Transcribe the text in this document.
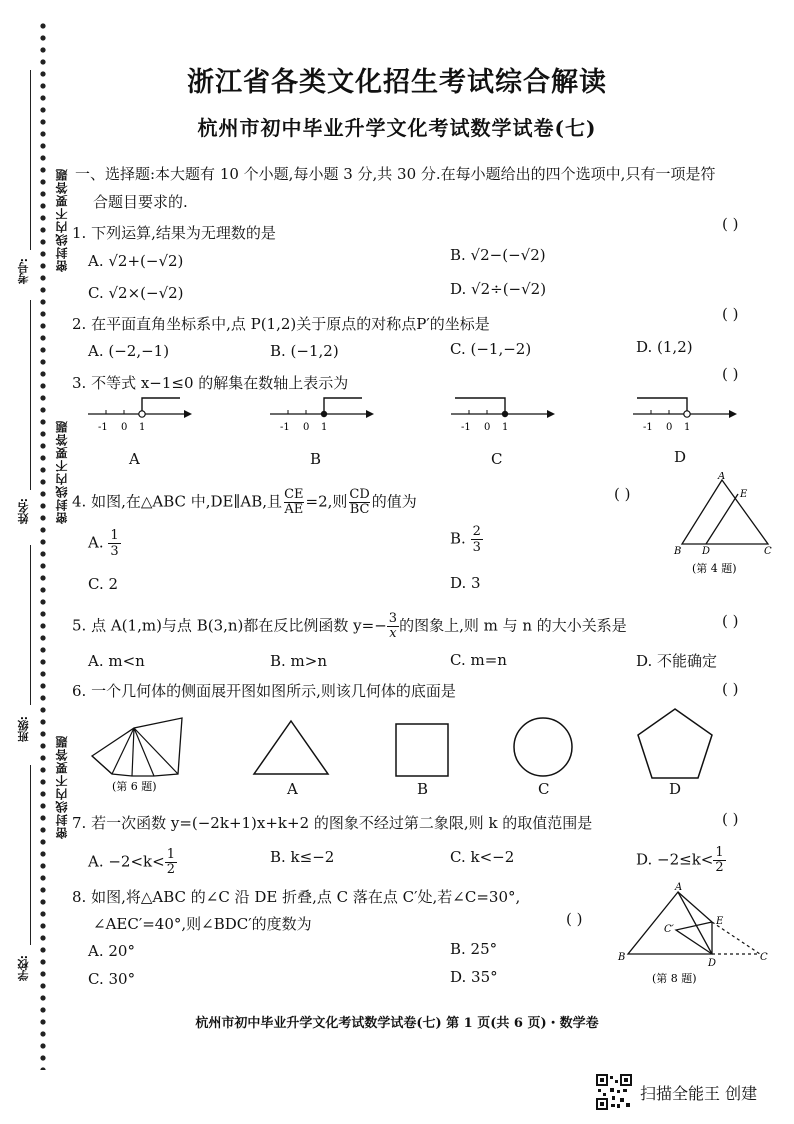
密封线内不要答题
密封线内不要答题
密封线内不要答题
考号:
姓名:
班级:
学校:
浙江省各类文化招生考试综合解读
杭州市初中毕业升学文化考试数学试卷(七)
一、选择题:本大题有 10 个小题,每小题 3 分,共 30 分.在每小题给出的四个选项中,只有一项是符
合题目要求的.
( )
1. 下列运算,结果为无理数的是
A. √2+(−√2)	B. √2−(−√2)
C. √2×(−√2)	D. √2÷(−√2)
( )
2. 在平面直角坐标系中,点 P(1,2)关于原点的对称点P′的坐标是
A. (−2,−1)	B. (−1,2)	C. (−1,−2)	D. (1,2)
( )
3. 不等式 x−1≤0 的解集在数轴上表示为
-1 0 1	-1 0 1	-1 0 1	-1 0 1
A	B	C	D
4. 如图,在△ABC 中,DE∥AB,且 $\frac{CE}{AE} =2$,则 $\frac{CD}{BC}$ 的值为	( )
A. $\frac{1}{3}$	B. $\frac{2}{3}$
C. 2	D. 3
A
E
B D	C
(第 4 题)
5. 点 A(1,m)与点 B(3,n)都在反比例函数 $y=- \frac{3}{x}$ 的图象上,则 m 与 n 的大小关系是	( )
A. m<n	B. m>n	C. m=n	D. 不能确定
6. 一个几何体的侧面展开图如图所示,则该几何体的底面是	( )
(第 6 题)	A	B	C	D
7. 若一次函数 y=(−2k+1)x+k+2 的图象不经过第二象限,则 k 的取值范围是	( )
A. $-2<k< \frac{1}{2}$	B. k≤−2	C. k<−2	D. $-2\le k< \frac{1}{2}$
8. 如图,将△ABC 的∠C 沿 DE 折叠,点 C 落在点 C′处,若∠C=30°,
∠AEC′=40°,则∠BDC′的度数为	( )
A. 20°	B. 25°
C. 30°	D. 35°
A
E
C′
B
D
C
(第 8 题)
杭州市初中毕业升学文化考试数学试卷(七) 第 1 页(共 6 页)・数学卷
扫描全能王 创建
